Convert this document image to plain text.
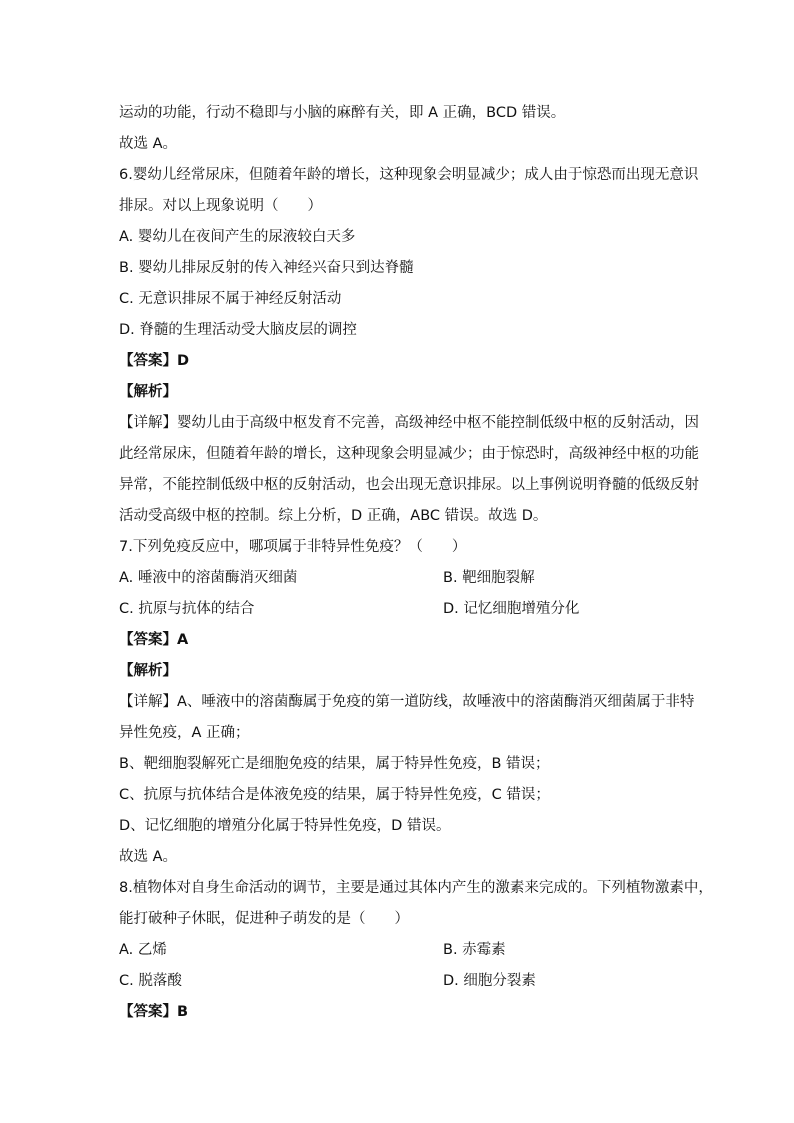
运动的功能，行动不稳即与小脑的麻醉有关，即 A 正确，BCD 错误。
故选 A。
6.婴幼儿经常尿床，但随着年龄的增长，这种现象会明显减少；成人由于惊恐而出现无意识
排尿。对以上现象说明（　　）
A. 婴幼儿在夜间产生的尿液较白天多
B. 婴幼儿排尿反射的传入神经兴奋只到达脊髓
C. 无意识排尿不属于神经反射活动
D. 脊髓的生理活动受大脑皮层的调控
【答案】D
【解析】
【详解】婴幼儿由于高级中枢发育不完善，高级神经中枢不能控制低级中枢的反射活动，因
此经常尿床，但随着年龄的增长，这种现象会明显减少；由于惊恐时，高级神经中枢的功能
异常，不能控制低级中枢的反射活动，也会出现无意识排尿。以上事例说明脊髓的低级反射
活动受高级中枢的控制。综上分析，D 正确，ABC 错误。故选 D。
7.下列免疫反应中，哪项属于非特异性免疫？（　　）
A. 唾液中的溶菌酶消灭细菌	B. 靶细胞裂解
C. 抗原与抗体的结合	D. 记忆细胞增殖分化
【答案】A
【解析】
【详解】A、唾液中的溶菌酶属于免疫的第一道防线，故唾液中的溶菌酶消灭细菌属于非特
异性免疫，A 正确；
B、靶细胞裂解死亡是细胞免疫的结果，属于特异性免疫，B 错误；
C、抗原与抗体结合是体液免疫的结果，属于特异性免疫，C 错误；
D、记忆细胞的增殖分化属于特异性免疫，D 错误。
故选 A。
8.植物体对自身生命活动的调节，主要是通过其体内产生的激素来完成的。下列植物激素中，
能打破种子休眠，促进种子萌发的是（　　）
A. 乙烯	B. 赤霉素
C. 脱落酸	D. 细胞分裂素
【答案】B
